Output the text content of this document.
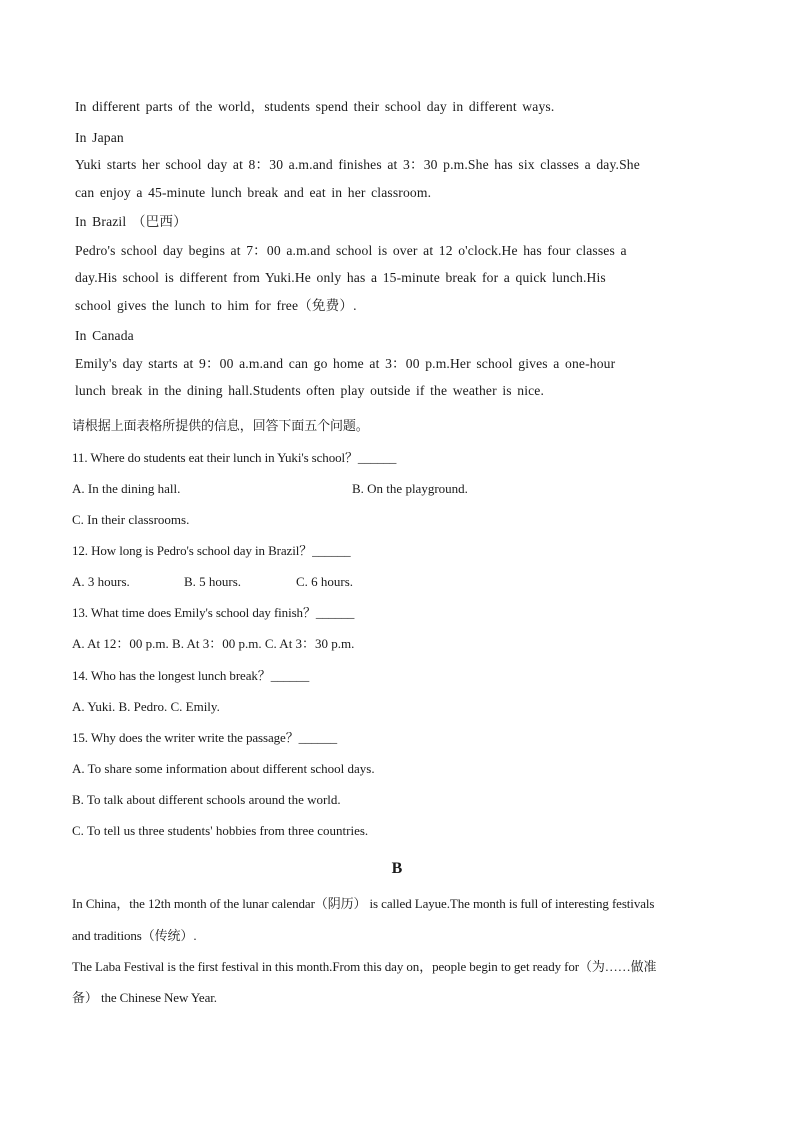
In different parts of the world，students spend their school day in different ways.
In Japan
Yuki starts her school day at 8：30 a.m.and finishes at 3：30 p.m.She has six classes a day.She
can enjoy a 45-minute lunch break and eat in her classroom.
In Brazil （巴西）
Pedro's school day begins at 7：00 a.m.and school is over at 12 o'clock.He has four classes a
day.His school is different from Yuki.He only has a 15-minute break for a quick lunch.His
school gives the lunch to him for free（免费）.
In Canada
Emily's day starts at 9：00 a.m.and can go home at 3：00 p.m.Her school gives a one-hour
lunch break in the dining hall.Students often play outside if the weather is nice.
请根据上面表格所提供的信息，回答下面五个问题。
11. Where do students eat their lunch in Yuki's school？______
A. In the dining hall.	B. On the playground.
C. In their classrooms.
12. How long is Pedro's school day in Brazil？______
A. 3 hours.	B. 5 hours.	C. 6 hours.
13. What time does Emily's school day finish？______
A. At 12：00 p.m. B. At 3：00 p.m. C. At 3：30 p.m.
14. Who has the longest lunch break？______
A. Yuki. B. Pedro. C. Emily.
15. Why does the writer write the passage？______
A. To share some information about different school days.
B. To talk about different schools around the world.
C. To tell us three students' hobbies from three countries.
B
In China，the 12th month of the lunar calendar（阴历） is called Layue.The month is full of interesting festivals
and traditions（传统）.
The Laba Festival is the first festival in this month.From this day on，people begin to get ready for（为……做准
备） the Chinese New Year.
